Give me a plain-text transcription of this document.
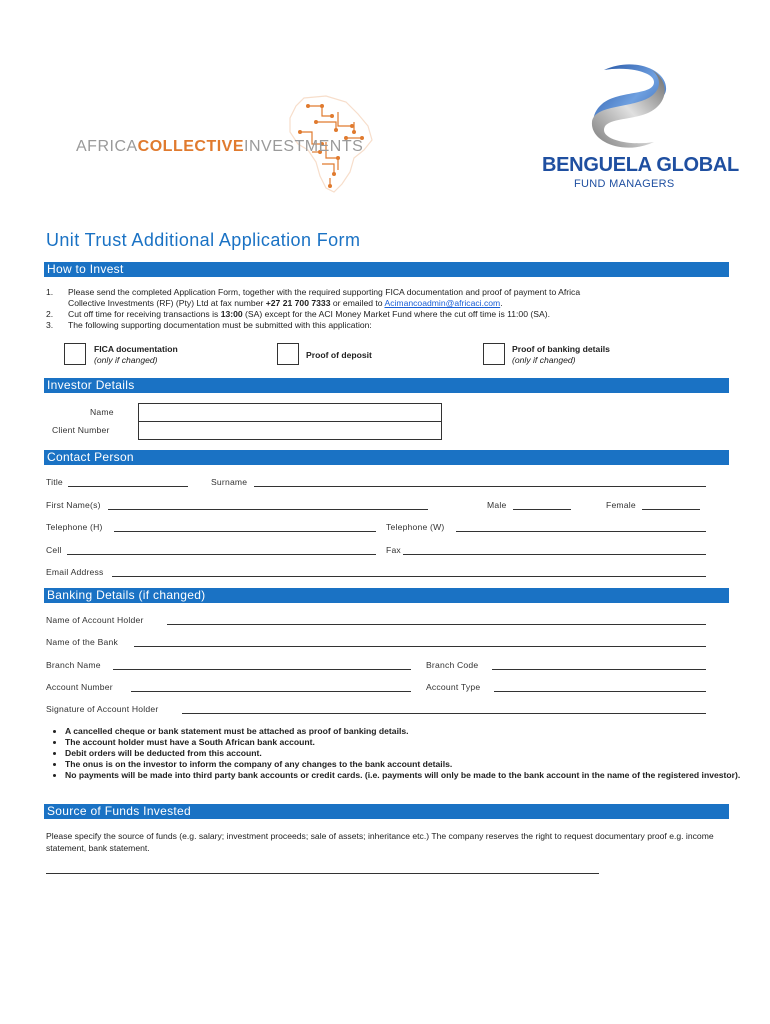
AFRICACOLLECTIVEINVESTMENTS
BENGUELA GLOBAL
FUND MANAGERS
Unit Trust Additional Application Form
How to Invest
1.	Please send the completed Application Form, together with the required supporting FICA documentation and proof of payment to Africa
Collective Investments (RF) (Pty) Ltd at fax number +27 21 700 7333 or emailed to Acimancoadmin@africaci.com.
2.	Cut off time for receiving transactions is 13:00 (SA) except for the ACI Money Market Fund where the cut off time is 11:00 (SA).
3.	The following supporting documentation must be submitted with this application:
FICA documentation
(only if changed)	Proof of deposit
Proof of banking details
(only if changed)
Investor Details
Name
Client Number
Contact Person
Title	Surname
First Name(s)	Male	Female
Telephone (H)	Telephone (W)
Cell	Fax
Email Address
Banking Details (if changed)
Name of Account Holder
Name of the Bank
Branch Name	Branch Code
Account Number	Account Type
Signature of Account Holder
• A cancelled cheque or bank statement must be attached as proof of banking details.
• The account holder must have a South African bank account.
• Debit orders will be deducted from this account.
• The onus is on the investor to inform the company of any changes to the bank account details.
• No payments will be made into third party bank accounts or credit cards. (i.e. payments will only be made to the bank account in the name of the registered investor).
Source of Funds Invested
Please specify the source of funds (e.g. salary; investment proceeds; sale of assets; inheritance etc.) The company reserves the right to request documentary proof e.g. income statement, bank statement.
